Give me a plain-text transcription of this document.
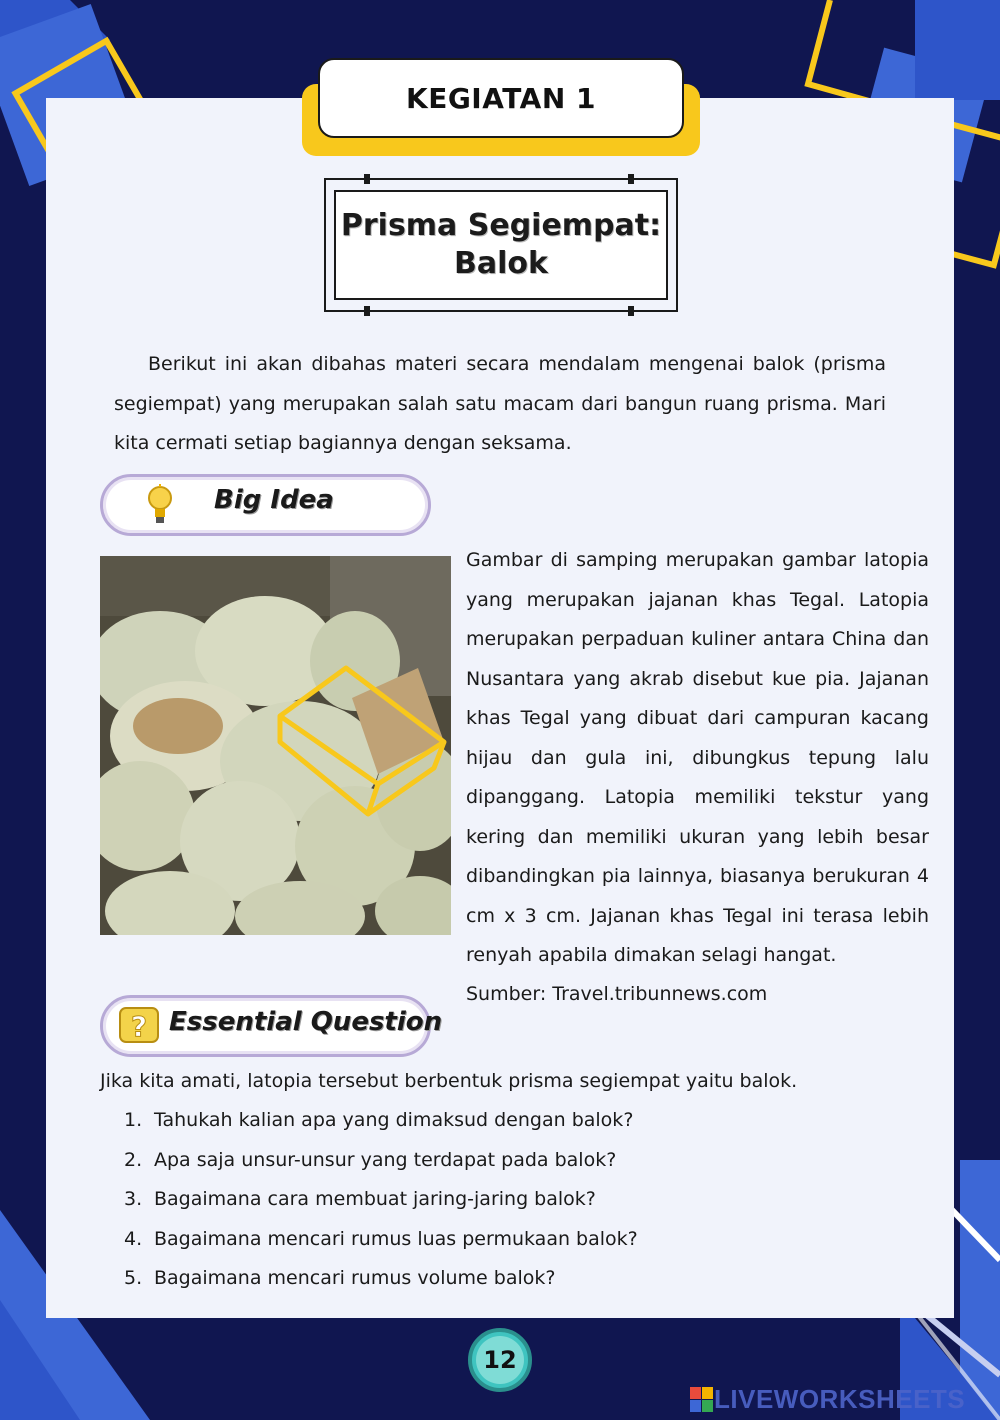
KEGIATAN 1
Prisma Segiempat:
Balok

Berikut ini akan dibahas materi secara mendalam mengenai balok (prisma segiempat) yang merupakan salah satu macam dari bangun ruang prisma. Mari kita cermati setiap bagiannya dengan seksama.

Big Idea

Gambar di samping merupakan gambar latopia yang merupakan jajanan khas Tegal. Latopia merupakan perpaduan kuliner antara China dan Nusantara yang akrab disebut kue pia. Jajanan khas Tegal yang dibuat dari campuran kacang hijau dan gula ini, dibungkus tepung lalu dipanggang. Latopia memiliki tekstur yang kering dan memiliki ukuran yang lebih besar dibandingkan pia lainnya, biasanya berukuran 4 cm x 3 cm. Jajanan khas Tegal ini terasa lebih renyah apabila dimakan selagi hangat.

Sumber: Travel.tribunnews.com

? Essential Question

Jika kita amati, latopia tersebut berbentuk prisma segiempat yaitu balok.

1. Tahukah kalian apa yang dimaksud dengan balok?
2. Apa saja unsur-unsur yang terdapat pada balok?
3. Bagaimana cara membuat jaring-jaring balok?
4. Bagaimana mencari rumus luas permukaan balok?
5. Bagaimana mencari rumus volume balok?
12
LIVEWORKSHEETS
